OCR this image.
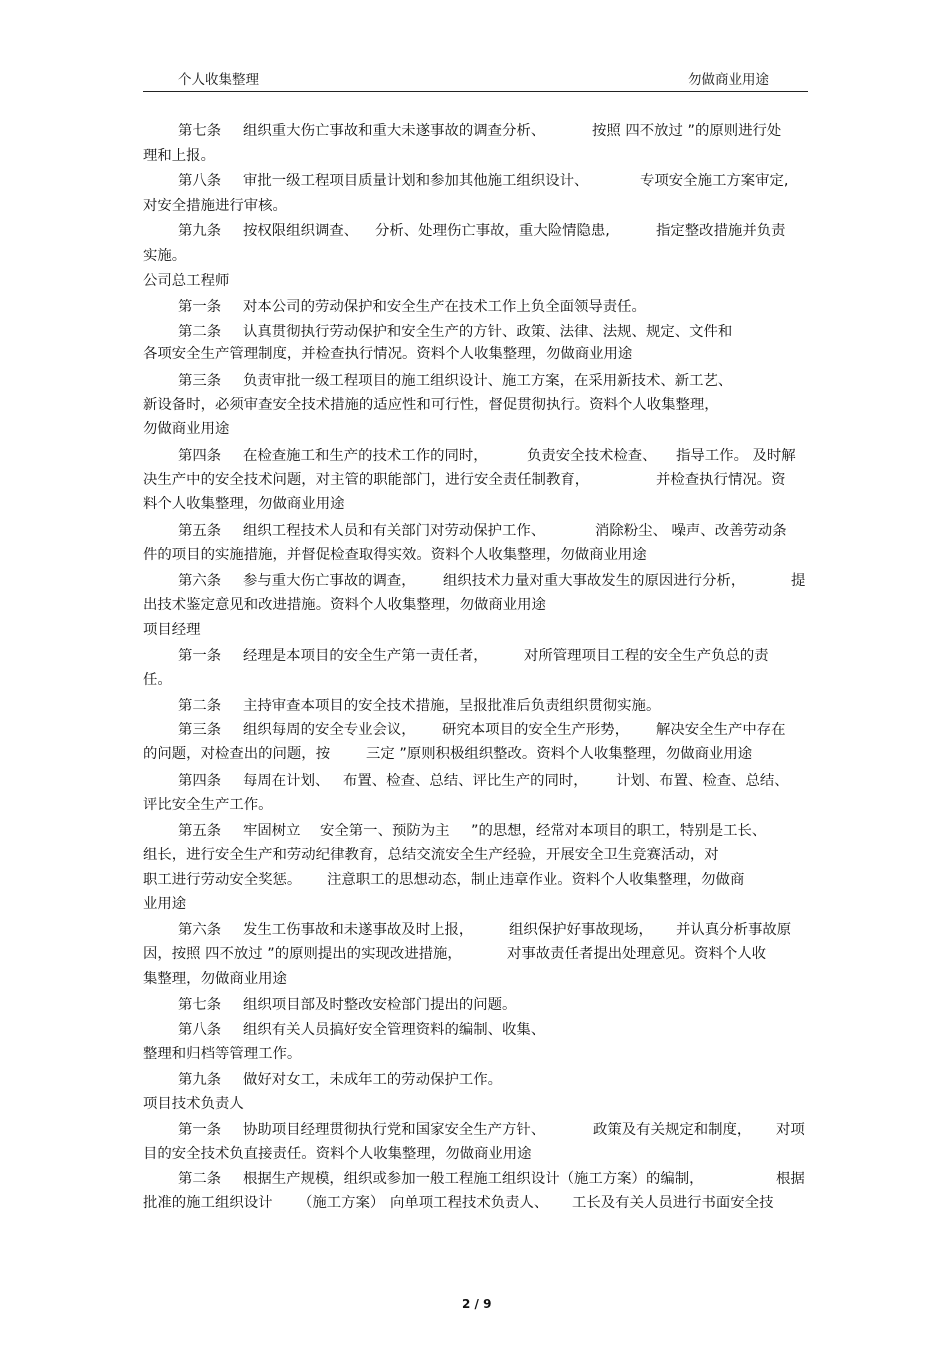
个人收集整理	勿做商业用途
第七条 组织重大伤亡事故和重大未遂事故的调查分析、	按照 四不放过 ”的原则进行处
理和上报。
第八条 审批一级工程项目质量计划和参加其他施工组织设计、	专项安全施工方案审定,
对安全措施进行审核。
第九条 按权限组织调查、 分析、处理伤亡事故，重大险情隐患,	指定整改措施并负责
实施。
公司总工程师
第一条 对本公司的劳动保护和安全生产在技术工作上负全面领导责任。
第二条 认真贯彻执行劳动保护和安全生产的方针、政策、法律、法规、规定、文件和
各项安全生产管理制度，并检查执行情况。资料个人收集整理，勿做商业用途
第三条 负责审批一级工程项目的施工组织设计、施工方案，在采用新技术、新工艺、
新设备时，必须审查安全技术措施的适应性和可行性，督促贯彻执行。资料个人收集整理，
勿做商业用途
第四条 在检查施工和生产的技术工作的同时，	负责安全技术检查、 指导工作。 及时解
决生产中的安全技术问题，对主管的职能部门，进行安全责任制教育，	并检查执行情况。资
料个人收集整理，勿做商业用途
第五条 组织工程技术人员和有关部门对劳动保护工作、	消除粉尘、 噪声、改善劳动条
件的项目的实施措施，并督促检查取得实效。资料个人收集整理，勿做商业用途
第六条 参与重大伤亡事故的调查， 组织技术力量对重大事故发生的原因进行分析，	提
出技术鉴定意见和改进措施。资料个人收集整理，勿做商业用途
项目经理
第一条 经理是本项目的安全生产第一责任者，	对所管理项目工程的安全生产负总的责
任。
第二条 主持审查本项目的安全技术措施，呈报批准后负责组织贯彻实施。
第三条 组织每周的安全专业会议， 研究本项目的安全生产形势， 解决安全生产中存在
的问题，对检查出的问题，按 三定 ”原则积极组织整改。资料个人收集整理，勿做商业用途
第四条 每周在计划、 布置、检查、总结、评比生产的同时， 计划、布置、检查、总结、
评比安全生产工作。
第五条 牢固树立 安全第一、预防为主 ”的思想，经常对本项目的职工，特别是工长、
组长，进行安全生产和劳动纪律教育，总结交流安全生产经验，开展安全卫生竞赛活动，对
职工进行劳动安全奖惩。 注意职工的思想动态，制止违章作业。资料个人收集整理，勿做商
业用途
第六条 发生工伤事故和未遂事故及时上报， 组织保护好事故现场， 并认真分析事故原
因，按照 四不放过 ”的原则提出的实现改进措施，	对事故责任者提出处理意见。资料个人收
集整理，勿做商业用途
第七条 组织项目部及时整改安检部门提出的问题。
第八条 组织有关人员搞好安全管理资料的编制、收集、
整理和归档等管理工作。
第九条 做好对女工，未成年工的劳动保护工作。
项目技术负责人
第一条 协助项目经理贯彻执行党和国家安全生产方针、	政策及有关规定和制度， 对项
目的安全技术负直接责任。资料个人收集整理，勿做商业用途
第二条 根据生产规模，组织或参加一般工程施工组织设计（施工方案）的编制，	根据
批准的施工组织设计 （施工方案） 向单项工程技术负责人、 工长及有关人员进行书面安全技
2 / 9
